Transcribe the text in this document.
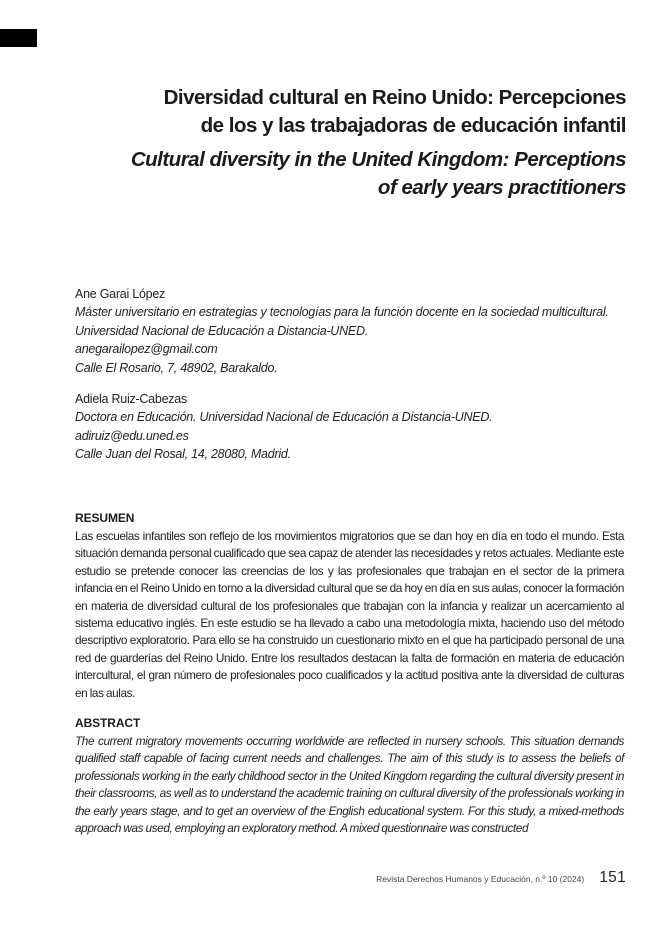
Diversidad cultural en Reino Unido: Percepciones
de los y las trabajadoras de educación infantil
Cultural diversity in the United Kingdom: Perceptions
of early years practitioners
Ane Garai López
Máster universitario en estrategias y tecnologías para la función docente en la sociedad multicultural. Universidad Nacional de Educación a Distancia-UNED.
anegarailopez@gmail.com
Calle El Rosario, 7, 48902, Barakaldo.
Adiela Ruiz-Cabezas
Doctora en Educación. Universidad Nacional de Educación a Distancia-UNED.
adiruiz@edu.uned.es
Calle Juan del Rosal, 14, 28080, Madrid.
RESUMEN

Las escuelas infantiles son reflejo de los movimientos migratorios que se dan hoy en día en todo el mundo. Esta situación demanda personal cualificado que sea capaz de atender las necesidades y retos actuales. Mediante este estudio se pretende conocer las creencias de los y las profesionales que trabajan en el sector de la primera infancia en el Reino Unido en torno a la diversidad cultural que se da hoy en día en sus aulas, conocer la formación en materia de diversidad cultural de los profesionales que trabajan con la infancia y realizar un acercamiento al sistema educativo inglés. En este estudio se ha llevado a cabo una metodología mixta, haciendo uso del método descriptivo exploratorio. Para ello se ha construido un cuestionario mixto en el que ha participado personal de una red de guarderías del Reino Unido. Entre los resultados destacan la falta de formación en materia de educación intercultural, el gran número de profesionales poco cualificados y la actitud positiva ante la diversidad de culturas en las aulas.

ABSTRACT

The current migratory movements occurring worldwide are reflected in nursery schools. This situation demands qualified staff capable of facing current needs and challenges. The aim of this study is to assess the beliefs of professionals working in the early childhood sector in the United Kingdom regarding the cultural diversity present in their classrooms, as well as to understand the academic training on cultural diversity of the professionals working in the early years stage, and to get an overview of the English educational system. For this study, a mixed-methods approach was used, employing an exploratory method. A mixed questionnaire was constructed

Revista Derechos Humanos y Educación, n.º 10 (2024) 151
